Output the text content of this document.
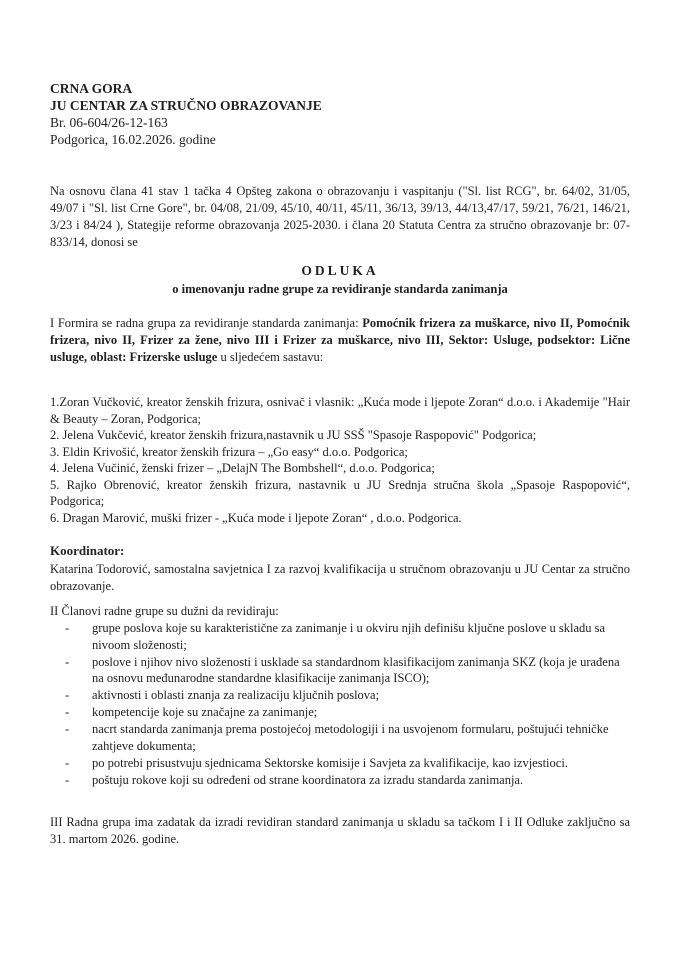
CRNA GORA
JU CENTAR ZA STRUČNO OBRAZOVANJE
Br. 06-604/26-12-163
Podgorica, 16.02.2026. godine
Na osnovu člana 41 stav 1 tačka 4 Opšteg zakona o obrazovanju i vaspitanju ("Sl. list RCG", br. 64/02, 31/05, 49/07 i "Sl. list Crne Gore", br. 04/08, 21/09, 45/10, 40/11, 45/11, 36/13, 39/13, 44/13,47/17, 59/21, 76/21, 146/21, 3/23 i 84/24 ), Stategije reforme obrazovanja 2025-2030. i člana 20 Statuta Centra za stručno obrazovanje br: 07-833/14, donosi se
ODLUKA
o imenovanju radne grupe za revidiranje standarda zanimanja
I Formira se radna grupa za revidiranje standarda zanimanja: Pomoćnik frizera za muškarce, nivo II, Pomoćnik frizera, nivo II, Frizer za žene, nivo III i Frizer za muškarce, nivo III, Sektor: Usluge, podsektor: Lične usluge, oblast: Frizerske usluge u sljedećem sastavu:
1.Zoran Vučković, kreator ženskih frizura, osnivač i vlasnik: „Kuća mode i ljepote Zoran“ d.o.o. i Akademije "Hair & Beauty – Zoran, Podgorica;
2. Jelena Vukčević, kreator ženskih frizura,nastavnik u JU SSŠ "Spasoje Raspopović" Podgorica;
3. Eldin Krivošić, kreator ženskih frizura – „Go easy“ d.o.o. Podgorica;
4. Jelena Vučinić, ženski frizer – „DelajN The Bombshell“, d.o.o. Podgorica;
5. Rajko Obrenović, kreator ženskih frizura, nastavnik u JU Srednja stručna škola „Spasoje Raspopović“, Podgorica;
6. Dragan Marović, muški frizer - „Kuća mode i ljepote Zoran“ , d.o.o. Podgorica.
Koordinator:
Katarina Todorović, samostalna savjetnica I za razvoj kvalifikacija u stručnom obrazovanju u JU Centar za stručno obrazovanje.
II Članovi radne grupe su dužni da revidiraju:
- grupe poslova koje su karakteristične za zanimanje i u okviru njih definišu ključne poslove u skladu sa nivoom složenosti;
- poslove i njihov nivo složenosti i uskladе sa standardnom klasifikacijom zanimanja SKZ (koja je urađena na osnovu međunarodne standardne klasifikacije zanimanja ISCO);
- aktivnosti i oblasti znanja za realizaciju ključnih poslova;
- kompetencije koje su značajne za zanimanje;
- nacrt standarda zanimanja prema postojećoj metodologiji i na usvojenom formularu, poštujući tehničke zahtjeve dokumenta;
- po potrebi prisustvuju sjednicama Sektorske komisije i Savjeta za kvalifikacije, kao izvjestioci.
- poštuju rokove koji su određeni od strane koordinatora za izradu standarda zanimanja.
III Radna grupa ima zadatak da izradi revidiran standard zanimanja u skladu sa tačkom I i II Odluke zaključno sa 31. martom 2026. godine.
